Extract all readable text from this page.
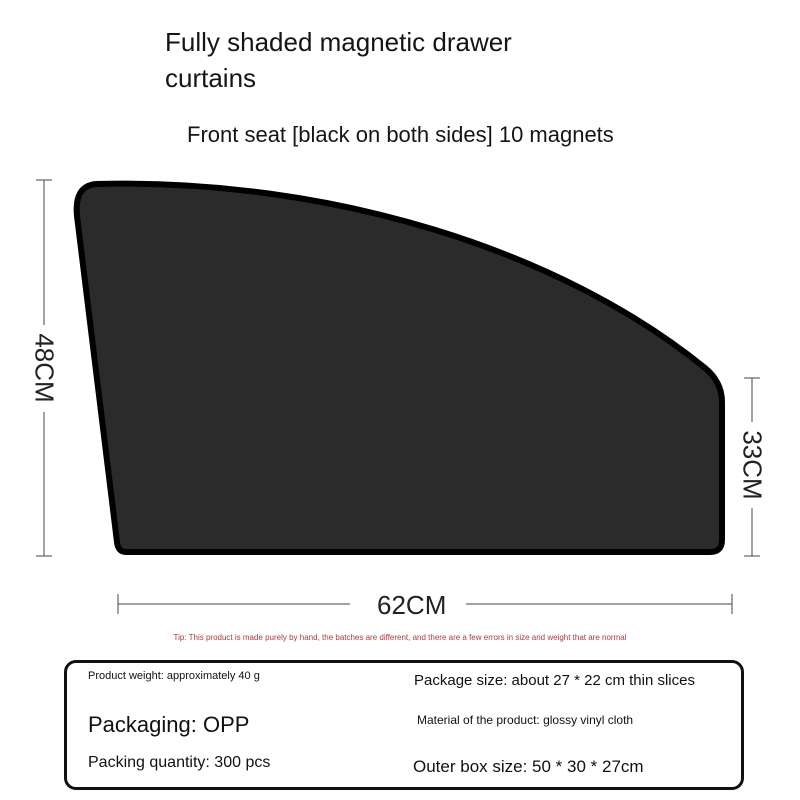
Fully shaded magnetic drawer curtains
Front seat [black on both sides] 10 magnets
48CM
33CM
62CM
Tip: This product is made purely by hand, the batches are different, and there are a few errors in size and weight that are normal
Product weight: approximately 40 g	Package size: about 27 * 22 cm thin slices
Packaging: OPP	Material of the product: glossy vinyl cloth
Packing quantity: 300 pcs	Outer box size: 50 * 30 * 27cm
